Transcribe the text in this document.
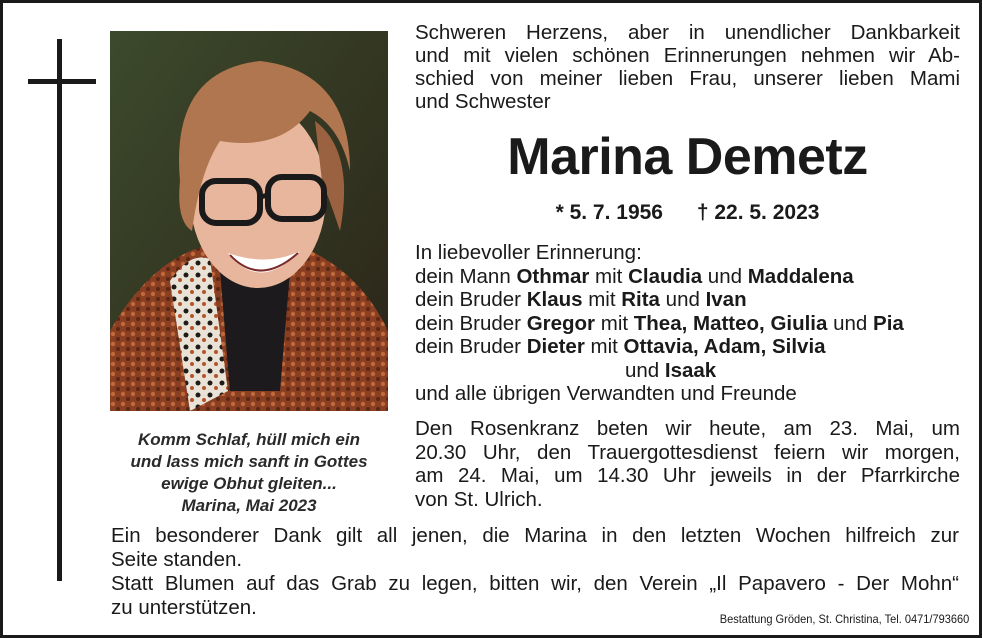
Komm Schlaf, hüll mich ein
und lass mich sanft in Gottes
ewige Obhut gleiten...
Marina, Mai 2023
Schweren Herzens, aber in unendlicher Dankbarkeit
und mit vielen schönen Erinnerungen nehmen wir Ab-
schied von meiner lieben Frau, unserer lieben Mami
und Schwester
Marina Demetz
* 5. 7. 1956 † 22. 5. 2023
In liebevoller Erinnerung:
dein Mann Othmar mit Claudia und Maddalena
dein Bruder Klaus mit Rita und Ivan
dein Bruder Gregor mit Thea, Matteo, Giulia und Pia
dein Bruder Dieter mit Ottavia, Adam, Silvia
und Isaak
und alle übrigen Verwandten und Freunde
Den Rosenkranz beten wir heute, am 23. Mai, um
20.30 Uhr, den Trauergottesdienst feiern wir morgen,
am 24. Mai, um 14.30 Uhr jeweils in der Pfarrkirche
von St. Ulrich.
Ein besonderer Dank gilt all jenen, die Marina in den letzten Wochen hilfreich zur
Seite standen.
Statt Blumen auf das Grab zu legen, bitten wir, den Verein „Il Papavero - Der Mohn“
zu unterstützen.	Bestattung Gröden, St. Christina, Tel. 0471/793660
